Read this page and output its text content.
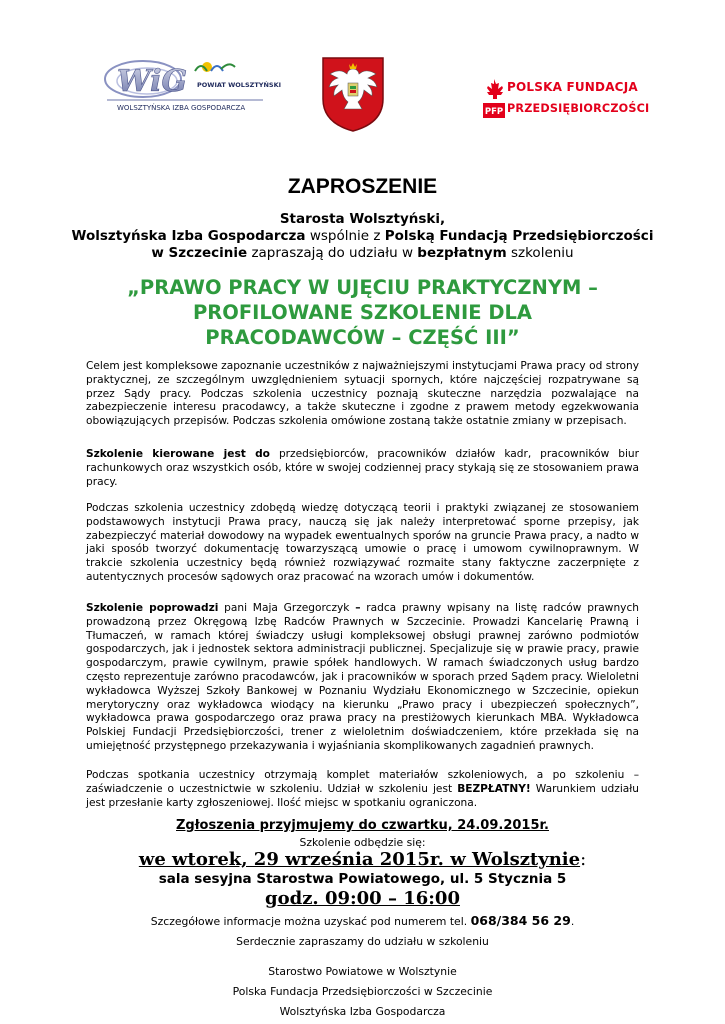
WiG POWIAT WOLSZTYŃSKI
WOLSZTYŃSKA IZBA GOSPODARCZA	PFP
POLSKA FUNDACJA
PRZEDSIĘBIORCZOŚCI
ZAPROSZENIE
Starosta Wolsztyński,
Wolsztyńska Izba Gospodarcza wspólnie z Polską Fundacją Przedsiębiorczości
w Szczecinie zapraszają do udziału w bezpłatnym szkoleniu
„PRAWO PRACY W UJĘCIU PRAKTYCZNYM –
PROFILOWANE SZKOLENIE DLA
PRACODAWCÓW – CZĘŚĆ III”
Celem jest kompleksowe zapoznanie uczestników z najważniejszymi instytucjami Prawa pracy od strony praktycznej, ze szczególnym uwzględnieniem sytuacji spornych, które najczęściej rozpatrywane są przez Sądy pracy. Podczas szkolenia uczestnicy poznają skuteczne narzędzia pozwalające na zabezpieczenie interesu pracodawcy, a także skuteczne i zgodne z prawem metody egzekwowania obowiązujących przepisów. Podczas szkolenia omówione zostaną także ostatnie zmiany w przepisach.
Szkolenie kierowane jest do przedsiębiorców, pracowników działów kadr, pracowników biur rachunkowych oraz wszystkich osób, które w swojej codziennej pracy stykają się ze stosowaniem prawa pracy.
Podczas szkolenia uczestnicy zdobędą wiedzę dotyczącą teorii i praktyki związanej ze stosowaniem podstawowych instytucji Prawa pracy, nauczą się jak należy interpretować sporne przepisy, jak zabezpieczyć materiał dowodowy na wypadek ewentualnych sporów na gruncie Prawa pracy, a nadto w jaki sposób tworzyć dokumentację towarzyszącą umowie o pracę i umowom cywilnoprawnym. W trakcie szkolenia uczestnicy będą również rozwiązywać rozmaite stany faktyczne zaczerpnięte z autentycznych procesów sądowych oraz pracować na wzorach umów i dokumentów.
Szkolenie poprowadzi pani Maja Grzegorczyk – radca prawny wpisany na listę radców prawnych prowadzoną przez Okręgową Izbę Radców Prawnych w Szczecinie. Prowadzi Kancelarię Prawną i Tłumaczeń, w ramach której świadczy usługi kompleksowej obsługi prawnej zarówno podmiotów gospodarczych, jak i jednostek sektora administracji publicznej. Specjalizuje się w prawie pracy, prawie gospodarczym, prawie cywilnym, prawie spółek handlowych. W ramach świadczonych usług bardzo często reprezentuje zarówno pracodawców, jak i pracowników w sporach przed Sądem pracy. Wieloletni wykładowca Wyższej Szkoły Bankowej w Poznaniu Wydziału Ekonomicznego w Szczecinie, opiekun merytoryczny oraz wykładowca wiodący na kierunku „Prawo pracy i ubezpieczeń społecznych”, wykładowca prawa gospodarczego oraz prawa pracy na prestiżowych kierunkach MBA. Wykładowca Polskiej Fundacji Przedsiębiorczości, trener z wieloletnim doświadczeniem, które przekłada się na umiejętność przystępnego przekazywania i wyjaśniania skomplikowanych zagadnień prawnych.
Podczas spotkania uczestnicy otrzymają komplet materiałów szkoleniowych, a po szkoleniu – zaświadczenie o uczestnictwie w szkoleniu. Udział w szkoleniu jest BEZPŁATNY! Warunkiem udziału jest przesłanie karty zgłoszeniowej. Ilość miejsc w spotkaniu ograniczona.
Zgłoszenia przyjmujemy do czwartku, 24.09.2015r.
Szkolenie odbędzie się:
we wtorek, 29 września 2015r. w Wolsztynie:
sala sesyjna Starostwa Powiatowego, ul. 5 Stycznia 5
godz. 09:00 – 16:00
Szczegółowe informacje można uzyskać pod numerem tel. 068/384 56 29.
Serdecznie zapraszamy do udziału w szkoleniu
Starostwo Powiatowe w Wolsztynie
Polska Fundacja Przedsiębiorczości w Szczecinie
Wolsztyńska Izba Gospodarcza
